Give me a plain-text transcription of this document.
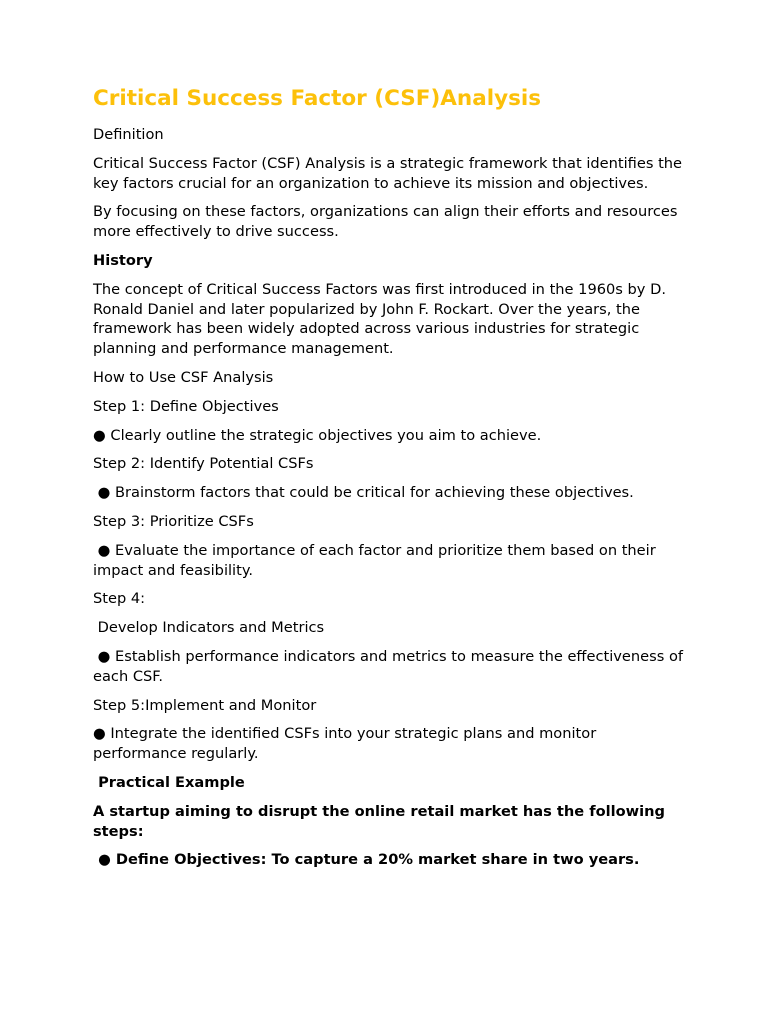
Critical Success Factor (CSF)Analysis

Definition

Critical Success Factor (CSF) Analysis is a strategic framework that identifies the key factors crucial for an organization to achieve its mission and objectives.

By focusing on these factors, organizations can align their efforts and resources more effectively to drive success.

History

The concept of Critical Success Factors was first introduced in the 1960s by D. Ronald Daniel and later popularized by John F. Rockart. Over the years, the framework has been widely adopted across various industries for strategic planning and performance management.

How to Use CSF Analysis

Step 1: Define Objectives

● Clearly outline the strategic objectives you aim to achieve.

Step 2: Identify Potential CSFs

● Brainstorm factors that could be critical for achieving these objectives.

Step 3: Prioritize CSFs

● Evaluate the importance of each factor and prioritize them based on their impact and feasibility.

Step 4:

Develop Indicators and Metrics

● Establish performance indicators and metrics to measure the effectiveness of each CSF.

Step 5:Implement and Monitor

● Integrate the identified CSFs into your strategic plans and monitor performance regularly.

Practical Example

A startup aiming to disrupt the online retail market has the following steps:

● Define Objectives: To capture a 20% market share in two years.
